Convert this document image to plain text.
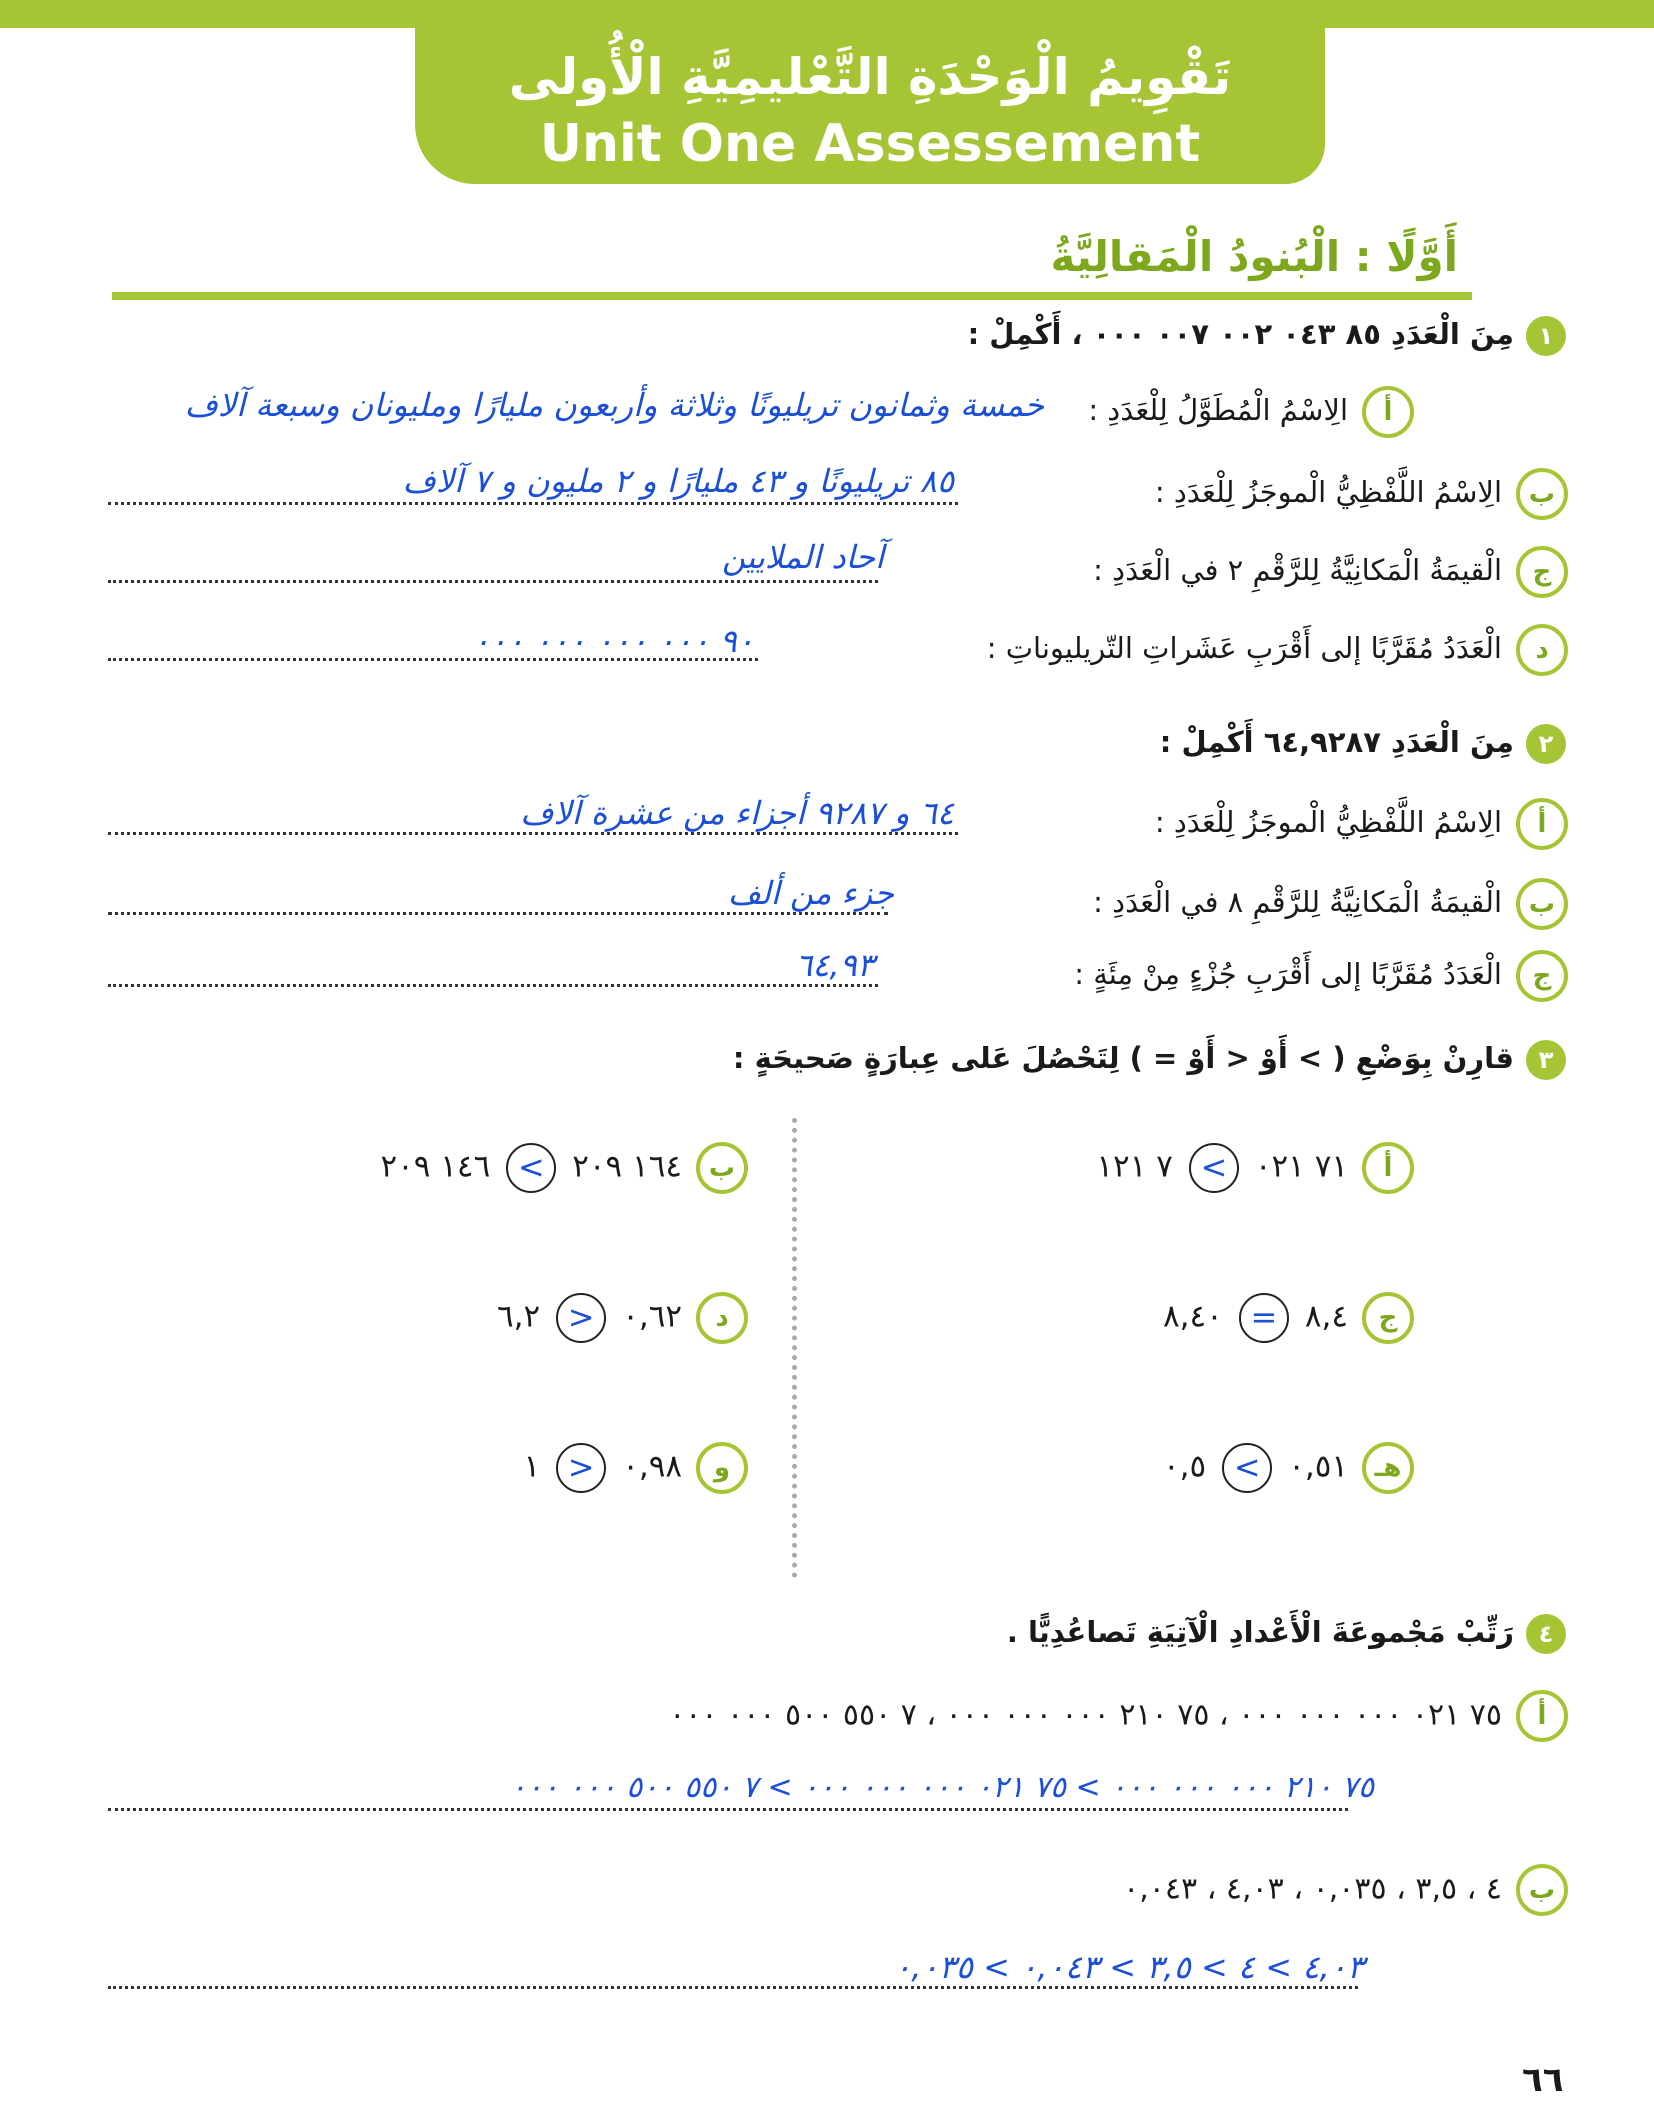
تَقْوِيمُ الْوَحْدَةِ التَّعْليمِيَّةِ الْأُولى
Unit One Assessement
أَوَّلًا : الْبُنودُ الْمَقالِيَّةُ
١مِنَ الْعَدَدِ ٨٥ ٠٤٣ ٠٠٢ ٠٠٧ ٠٠٠ ، أَكْمِلْ :
أالِاسْمُ الْمُطَوَّلُ لِلْعَدَدِ :
خمسة وثمانون تريليونًا وثلاثة وأربعون مليارًا ومليونان وسبعة آلاف
بالِاسْمُ اللَّفْظِيُّ الْموجَزُ لِلْعَدَدِ :
٨٥ تريليونًا و ٤٣ مليارًا و ٢ مليون و ٧ آلاف
جالْقيمَةُ الْمَكانِيَّةُ لِلرَّقْمِ ٢ في الْعَدَدِ :
آحاد الملايين
دالْعَدَدُ مُقَرَّبًا إلى أَقْرَبِ عَشَراتِ التّريليوناتِ :
٩٠ ٠٠٠ ٠٠٠ ٠٠٠ ٠٠٠
٢مِنَ الْعَدَدِ ٦٤,٩٢٨٧ أَكْمِلْ :
أالِاسْمُ اللَّفْظِيُّ الْموجَزُ لِلْعَدَدِ :
٦٤ و ٩٢٨٧ أجزاء من عشرة آلاف
بالْقيمَةُ الْمَكانِيَّةُ لِلرَّقْمِ ٨ في الْعَدَدِ :
جزء من ألف
جالْعَدَدُ مُقَرَّبًا إلى أَقْرَبِ جُزْءٍ مِنْ مِئَةٍ :
٦٤,٩٣
٣قارِنْ بِوَضْعِ ( > أَوْ < أَوْ = ) لِتَحْصُلَ عَلى عِبارَةٍ صَحيحَةٍ :
أ٧١ ٠٢١<٧ ١٢١
ب١٦٤ ٢٠٩<١٤٦ ٢٠٩
ج٨,٤=٨,٤٠
د٠,٦٢>٦,٢
هـ٠,٥١<٠,٥
و٠,٩٨>١
٤رَتِّبْ مَجْموعَةَ الْأَعْدادِ الْآتِيَةِ تَصاعُدِيًّا .
أ٧٥ ٠٢١ ٠٠٠ ٠٠٠ ٠٠٠ ، ٧٥ ٢١٠ ٠٠٠ ٠٠٠ ٠٠٠ ، ٧ ٥٥٠ ٥٠٠ ٠٠٠ ٠٠٠
٧٥ ٢١٠ ٠٠٠ ٠٠٠ ٠٠٠ > ٧٥ ٠٢١ ٠٠٠ ٠٠٠ ٠٠٠ > ٧ ٥٥٠ ٥٠٠ ٠٠٠ ٠٠٠
ب٤ ، ٣,٥ ، ٠,٠٣٥ ، ٤,٠٣ ، ٠,٠٤٣
٤,٠٣ > ٤ > ٣,٥ > ٠,٠٤٣ > ٠,٠٣٥
٦٦
